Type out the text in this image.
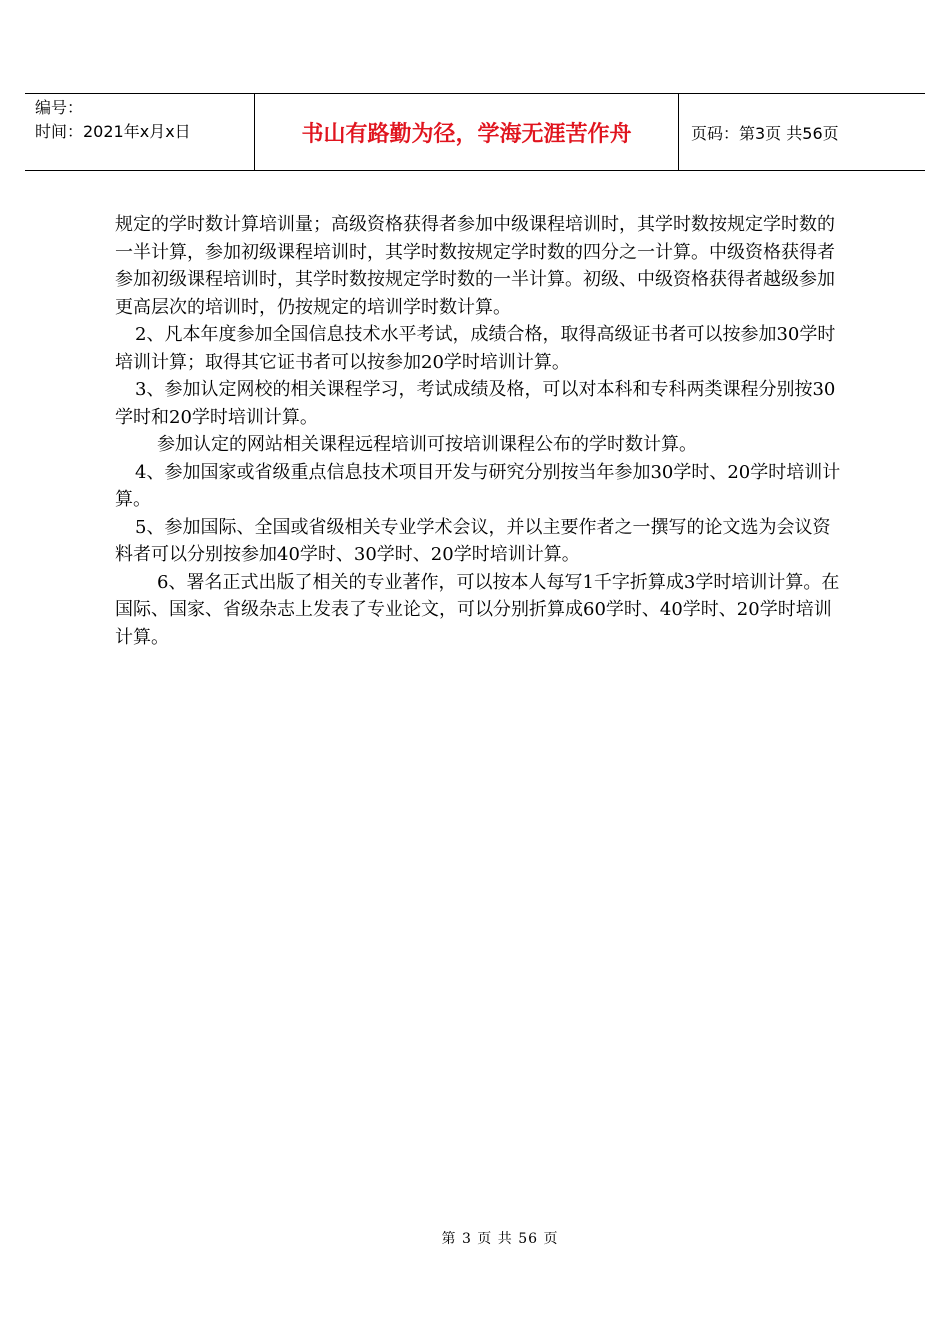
编号：
时间：2021年x月x日	书山有路勤为径，学海无涯苦作舟	页码：第3页 共56页

规定的学时数计算培训量；高级资格获得者参加中级课程培训时，其学时数按规定学时数的一半计算，参加初级课程培训时，其学时数按规定学时数的四分之一计算。中级资格获得者参加初级课程培训时，其学时数按规定学时数的一半计算。初级、中级资格获得者越级参加更高层次的培训时，仍按规定的培训学时数计算。

2、凡本年度参加全国信息技术水平考试，成绩合格，取得高级证书者可以按参加30学时培训计算；取得其它证书者可以按参加20学时培训计算。

3、参加认定网校的相关课程学习，考试成绩及格，可以对本科和专科两类课程分别按30学时和20学时培训计算。

参加认定的网站相关课程远程培训可按培训课程公布的学时数计算。

4、参加国家或省级重点信息技术项目开发与研究分别按当年参加30学时、20学时培训计算。

5、参加国际、全国或省级相关专业学术会议，并以主要作者之一撰写的论文选为会议资料者可以分别按参加40学时、30学时、20学时培训计算。

6、署名正式出版了相关的专业著作，可以按本人每写1千字折算成3学时培训计算。在国际、国家、省级杂志上发表了专业论文，可以分别折算成60学时、40学时、20学时培训计算。

第 3 页 共 56 页
